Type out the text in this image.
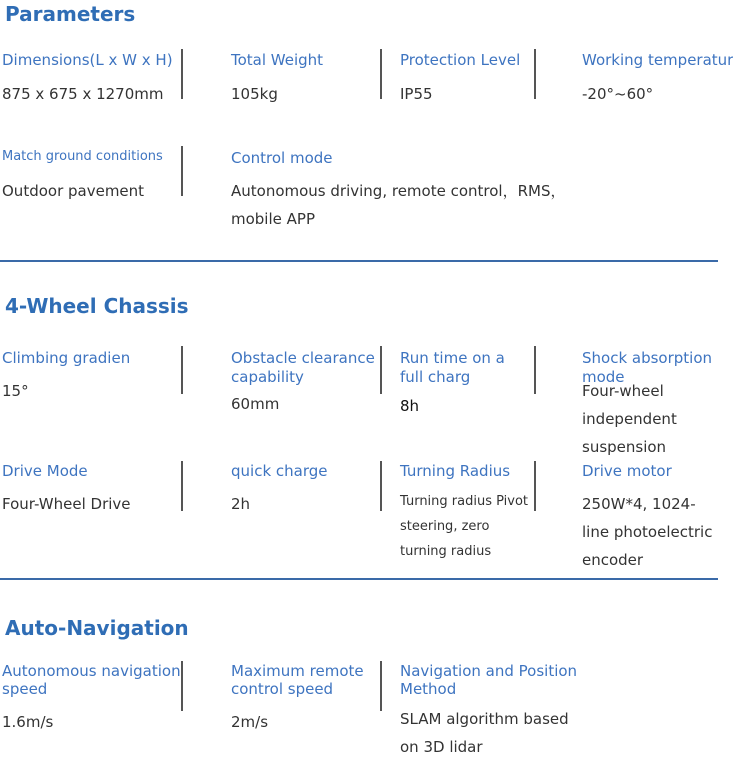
Parameters
Dimensions(L x W x H)
875 x 675 x 1270mm
Total Weight
105kg
Protection Level
IP55
Working temperatur
-20°~60°
Match ground conditions
Outdoor pavement
Control mode
Autonomous driving, remote control，RMS，
mobile APP
4-Wheel Chassis
Climbing gradien
15°
Obstacle clearance
capability
60mm
Run time on a
full charg
8h
Shock absorption
mode
Four-wheel
independent
suspension
Drive Mode
Four-Wheel Drive
quick charge
2h
Turning Radius
Turning radius Pivot
steering, zero
turning radius
Drive motor
250W*4, 1024-
line photoelectric
encoder
Auto-Navigation
Autonomous navigation
speed
1.6m/s
Maximum remote
control speed
2m/s
Navigation and Position
Method
SLAM algorithm based
on 3D lidar
